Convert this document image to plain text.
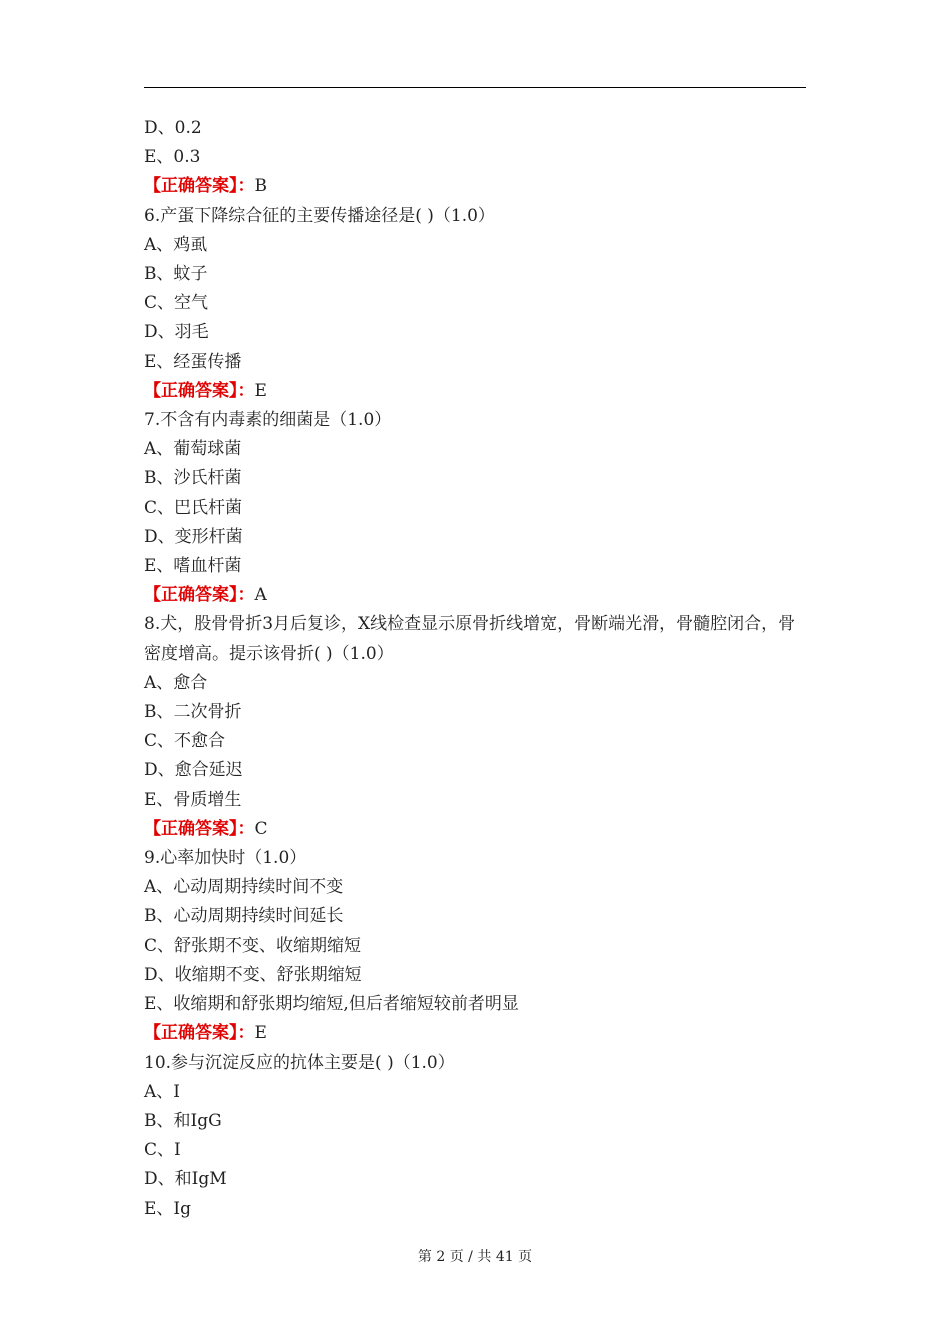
D、0.2
E、0.3
【正确答案】：B
6.产蛋下降综合征的主要传播途径是( )（1.0）
A、鸡虱
B、蚊子
C、空气
D、羽毛
E、经蛋传播
【正确答案】：E
7.不含有内毒素的细菌是（1.0）
A、葡萄球菌
B、沙氏杆菌
C、巴氏杆菌
D、变形杆菌
E、嗜血杆菌
【正确答案】：A
8.犬，股骨骨折3月后复诊，X线检查显示原骨折线增宽，骨断端光滑，骨髓腔闭合，骨密度增高。提示该骨折( )（1.0）
A、愈合
B、二次骨折
C、不愈合
D、愈合延迟
E、骨质增生
【正确答案】：C
9.心率加快时（1.0）
A、心动周期持续时间不变
B、心动周期持续时间延长
C、舒张期不变、收缩期缩短
D、收缩期不变、舒张期缩短
E、收缩期和舒张期均缩短,但后者缩短较前者明显
【正确答案】：E
10.参与沉淀反应的抗体主要是( )（1.0）
A、I
B、和IgG
C、I
D、和IgM
E、Ig
第 2 页 / 共 41 页
